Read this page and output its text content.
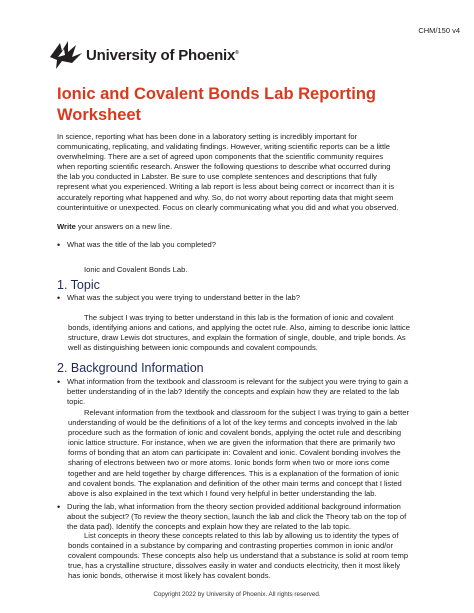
CHM/150 v4
University of Phoenix®
Ionic and Covalent Bonds Lab Reporting Worksheet
In science, reporting what has been done in a laboratory setting is incredibly important for communicating, replicating, and validating findings. However, writing scientific reports can be a little overwhelming. There are a set of agreed upon components that the scientific community requires when reporting scientific research. Answer the following questions to describe what occurred during the lab you conducted in Labster. Be sure to use complete sentences and descriptions that fully represent what you experienced. Writing a lab report is less about being correct or incorrect than it is accurately reporting what happened and why. So, do not worry about reporting data that might seem counterintuitive or unexpected. Focus on clearly communicating what you did and what you observed.
Write your answers on a new line.
• What was the title of the lab you completed?
Ionic and Covalent Bonds Lab.
1. Topic
• What was the subject you were trying to understand better in the lab?
The subject I was trying to better understand in this lab is the formation of ionic and covalent bonds, identifying anions and cations, and applying the octet rule. Also, aiming to describe ionic lattice structure, draw Lewis dot structures, and explain the formation of single, double, and triple bonds. As well as distinguishing between ionic compounds and covalent compounds.
2. Background Information
• What information from the textbook and classroom is relevant for the subject you were trying to gain a better understanding of in the lab? Identify the concepts and explain how they are related to the lab topic.
Relevant information from the textbook and classroom for the subject I was trying to gain a better understanding of would be the definitions of a lot of the key terms and concepts involved in the lab procedure such as the formation of ionic and covalent bonds, applying the octet rule and describing ionic lattice structure. For instance, when we are given the information that there are primarily two forms of bonding that an atom can participate in: Covalent and ionic. Covalent bonding involves the sharing of electrons between two or more atoms. Ionic bonds form when two or more ions come together and are held together by charge differences. This is a explanation of the formation of ionic and covalent bonds. The explanation and definition of the other main terms and concept that I listed above is also explained in the text which I found very helpful in better understanding the lab.
• During the lab, what information from the theory section provided additional background information about the subject? (To review the theory section, launch the lab and click the Theory tab on the top of the data pad). Identify the concepts and explain how they are related to the lab topic.
List concepts in theory these concepts related to this lab by allowing us to identity the types of bonds contained in a substance by comparing and contrasting properties common in ionic and/or covalent compounds. These concepts also help us understand that a substance is solid at room temp true, has a crystalline structure, dissolves easily in water and conducts electricity, then it most likely has ionic bonds, otherwise it most likely has covalent bonds.
Copyright 2022 by University of Phoenix. All rights reserved.
